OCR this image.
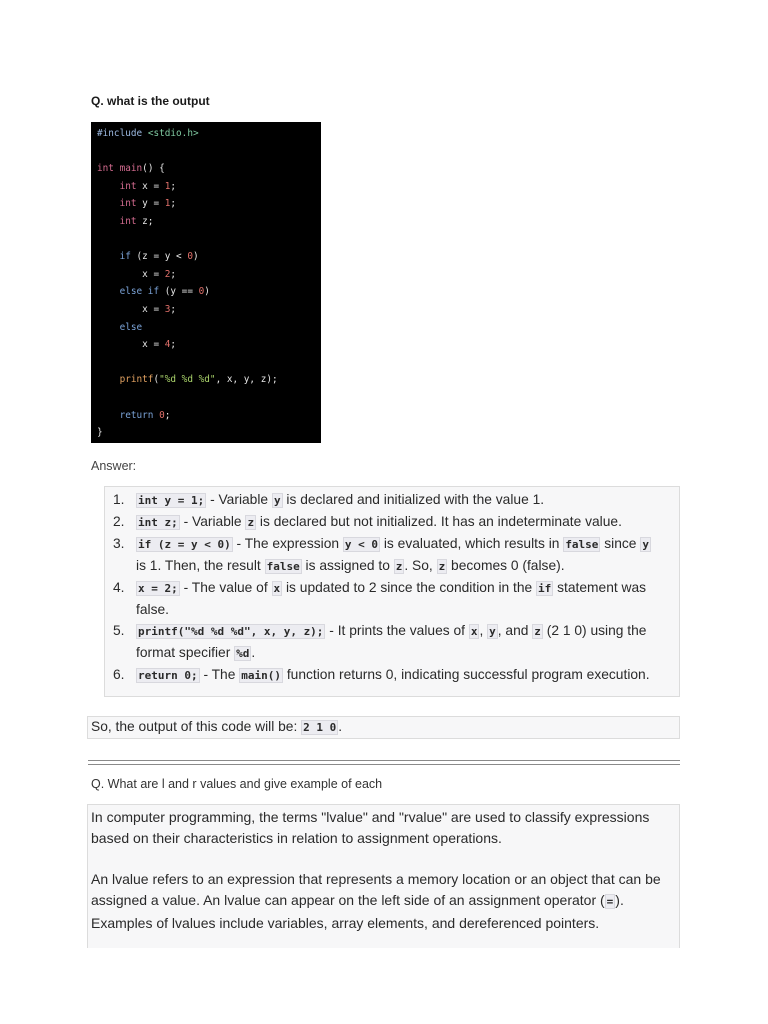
Q. what is the output
#include <stdio.h>
int main() {
int x = 1;
int y = 1;
int z;
if (z = y < 0)
x = 2;
else if (y == 0)
x = 3;
else
x = 4;
printf("%d %d %d", x, y, z);
return 0;
}
Answer:
1. int y = 1; - Variable y is declared and initialized with the value 1.
2. int z; - Variable z is declared but not initialized. It has an indeterminate value.
3. if (z = y < 0) - The expression y < 0 is evaluated, which results in false since y is 1. Then, the result false is assigned to z . So, z becomes 0 (false).
4. x = 2; - The value of x is updated to 2 since the condition in the if statement was false.
5. printf("%d %d %d", x, y, z); - It prints the values of x , y , and z (2 1 0) using the format specifier %d .
6. return 0; - The main() function returns 0, indicating successful program execution.
So, the output of this code will be: 2 1 0 .
Q. What are l and r values and give example of each

In computer programming, the terms "lvalue" and "rvalue" are used to classify expressions based on their characteristics in relation to assignment operations.

An lvalue refers to an expression that represents a memory location or an object that can be assigned a value. An lvalue can appear on the left side of an assignment operator ( = ). Examples of lvalues include variables, array elements, and dereferenced pointers.
